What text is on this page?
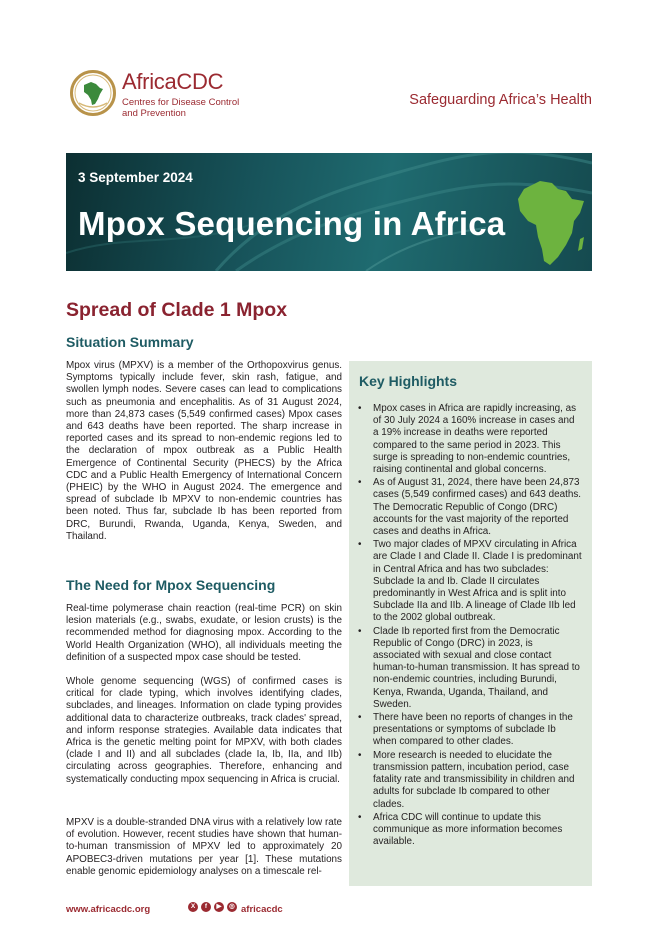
AfricaCDC
Centres for Disease Control
and Prevention
Safeguarding Africa’s Health
3 September 2024
Mpox Sequencing in Africa
Spread of Clade 1 Mpox
Situation Summary
Mpox virus (MPXV) is a member of the Orthopoxvirus genus. Symptoms typically include fever, skin rash, fatigue, and swollen lymph nodes. Severe cases can lead to complications such as pneumonia and encephalitis. As of 31 August 2024, more than 24,873 cases (5,549 confirmed cases) Mpox cases and 643 deaths have been reported. The sharp increase in reported cases and its spread to non-endemic regions led to the declaration of mpox outbreak as a Public Health Emergence of Continental Security (PHECS) by the Africa CDC and a Public Health Emergency of International Concern (PHEIC) by the WHO in August 2024. The emergence and spread of subclade Ib MPXV to non-endemic countries has been noted. Thus far, subclade Ib has been reported from DRC, Burundi, Rwanda, Uganda, Kenya, Sweden, and Thailand.
The Need for Mpox Sequencing
Real-time polymerase chain reaction (real-time PCR) on skin lesion materials (e.g., swabs, exudate, or lesion crusts) is the recommended method for diagnosing mpox. According to the World Health Organization (WHO), all individuals meeting the definition of a suspected mpox case should be tested.
Whole genome sequencing (WGS) of confirmed cases is critical for clade typing, which involves identifying clades, subclades, and lineages. Information on clade typing provides additional data to characterize outbreaks, track clades' spread, and inform response strategies. Available data indicates that Africa is the genetic melting point for MPXV, with both clades (clade I and II) and all subclades (clade Ia, Ib, IIa, and IIb) circulating across geographies. Therefore, enhancing and systematically conducting mpox sequencing in Africa is crucial.
MPXV is a double-stranded DNA virus with a relatively low rate of evolution. However, recent studies have shown that human-to-human transmission of MPXV led to approximately 20 APOBEC3-driven mutations per year [1]. These mutations enable genomic epidemiology analyses on a timescale rel-
Key Highlights
• Mpox cases in Africa are rapidly increasing, as of 30 July 2024 a 160% increase in cases and a 19% increase in deaths were reported compared to the same period in 2023. This surge is spreading to non-endemic countries, raising continental and global concerns.
• As of August 31, 2024, there have been 24,873 cases (5,549 confirmed cases) and 643 deaths. The Democratic Republic of Congo (DRC) accounts for the vast majority of the reported cases and deaths in Africa.
• Two major clades of MPXV circulating in Africa are Clade I and Clade II. Clade I is predominant in Central Africa and has two subclades: Subclade Ia and Ib. Clade II circulates predominantly in West Africa and is split into Subclade IIa and IIb. A lineage of Clade IIb led to the 2002 global outbreak.
• Clade Ib reported first from the Democratic Republic of Congo (DRC) in 2023, is associated with sexual and close contact human-to-human transmission. It has spread to non-endemic countries, including Burundi, Kenya, Rwanda, Uganda, Thailand, and Sweden.
• There have been no reports of changes in the presentations or symptoms of subclade Ib when compared to other clades.
• More research is needed to elucidate the transmission pattern, incubation period, case fatality rate and transmissibility in children and adults for subclade Ib compared to other clades.
• Africa CDC will continue to update this communique as more information becomes available.
www.africacdc.org	X	f	▶	◎ africacdc
